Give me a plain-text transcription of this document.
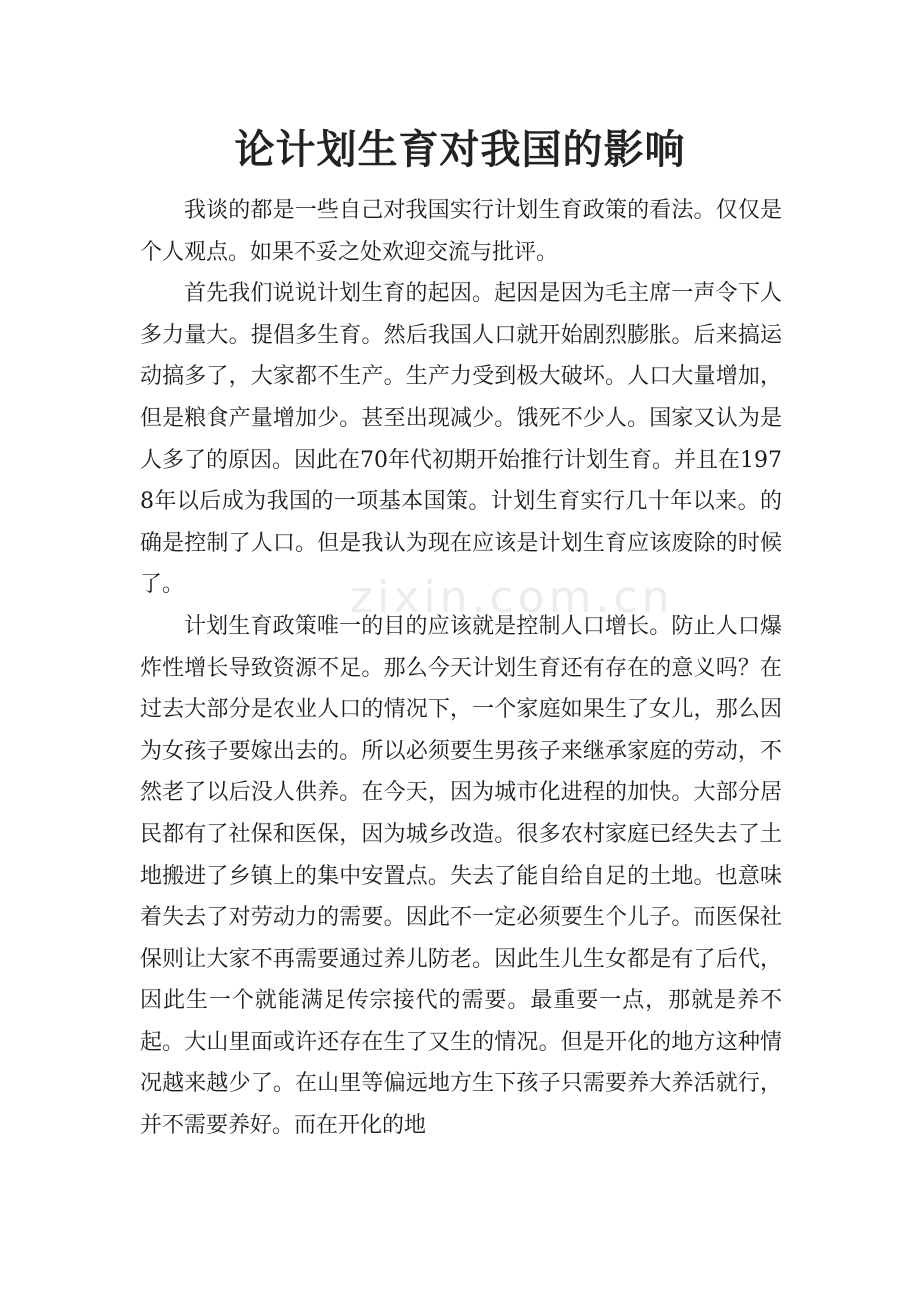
论计划生育对我国的影响

我谈的都是一些自己对我国实行计划生育政策的看法。仅仅是个人观点。如果不妥之处欢迎交流与批评。

首先我们说说计划生育的起因。起因是因为毛主席一声令下人多力量大。提倡多生育。然后我国人口就开始剧烈膨胀。后来搞运动搞多了，大家都不生产。生产力受到极大破坏。人口大量增加，但是粮食产量增加少。甚至出现减少。饿死不少人。国家又认为是人多了的原因。因此在70年代初期开始推行计划生育。并且在1978年以后成为我国的一项基本国策。计划生育实行几十年以来。的确是控制了人口。但是我认为现在应该是计划生育应该废除的时候了。

计划生育政策唯一的目的应该就是控制人口增长。防止人口爆炸性增长导致资源不足。那么今天计划生育还有存在的意义吗？在过去大部分是农业人口的情况下，一个家庭如果生了女儿，那么因为女孩子要嫁出去的。所以必须要生男孩子来继承家庭的劳动，不然老了以后没人供养。在今天，因为城市化进程的加快。大部分居民都有了社保和医保，因为城乡改造。很多农村家庭已经失去了土地搬进了乡镇上的集中安置点。失去了能自给自足的土地。也意味着失去了对劳动力的需要。因此不一定必须要生个儿子。而医保社保则让大家不再需要通过养儿防老。因此生儿生女都是有了后代，因此生一个就能满足传宗接代的需要。最重要一点，那就是养不起。大山里面或许还存在生了又生的情况。但是开化的地方这种情况越来越少了。在山里等偏远地方生下孩子只需要养大养活就行，并不需要养好。而在开化的地

zixin.com.cn
